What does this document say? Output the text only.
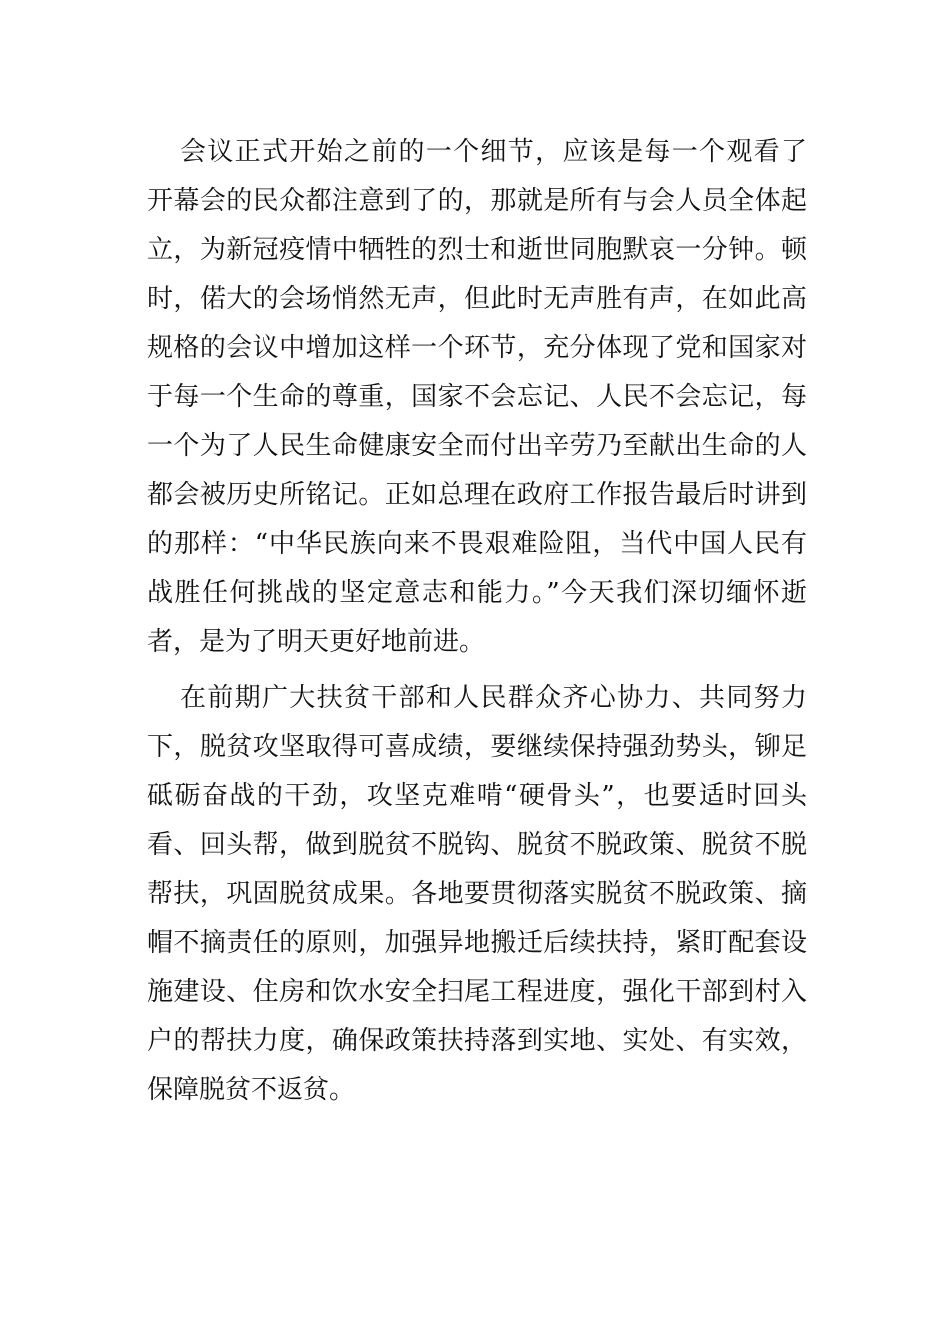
会议正式开始之前的一个细节，应该是每一个观看了
开幕会的民众都注意到了的，那就是所有与会人员全体起
立，为新冠疫情中牺牲的烈士和逝世同胞默哀一分钟。顿
时，偌大的会场悄然无声，但此时无声胜有声，在如此高
规格的会议中增加这样一个环节，充分体现了党和国家对
于每一个生命的尊重，国家不会忘记、人民不会忘记，每
一个为了人民生命健康安全而付出辛劳乃至献出生命的人
都会被历史所铭记。正如总理在政府工作报告最后时讲到
的那样：“中华民族向来不畏艰难险阻，当代中国人民有
战胜任何挑战的坚定意志和能力。”今天我们深切缅怀逝
者，是为了明天更好地前进。
在前期广大扶贫干部和人民群众齐心协力、共同努力
下，脱贫攻坚取得可喜成绩，要继续保持强劲势头，铆足
砥砺奋战的干劲，攻坚克难啃“硬骨头”，也要适时回头
看、回头帮，做到脱贫不脱钩、脱贫不脱政策、脱贫不脱
帮扶，巩固脱贫成果。各地要贯彻落实脱贫不脱政策、摘
帽不摘责任的原则，加强异地搬迁后续扶持，紧盯配套设
施建设、住房和饮水安全扫尾工程进度，强化干部到村入
户的帮扶力度，确保政策扶持落到实地、实处、有实效，
保障脱贫不返贫。
